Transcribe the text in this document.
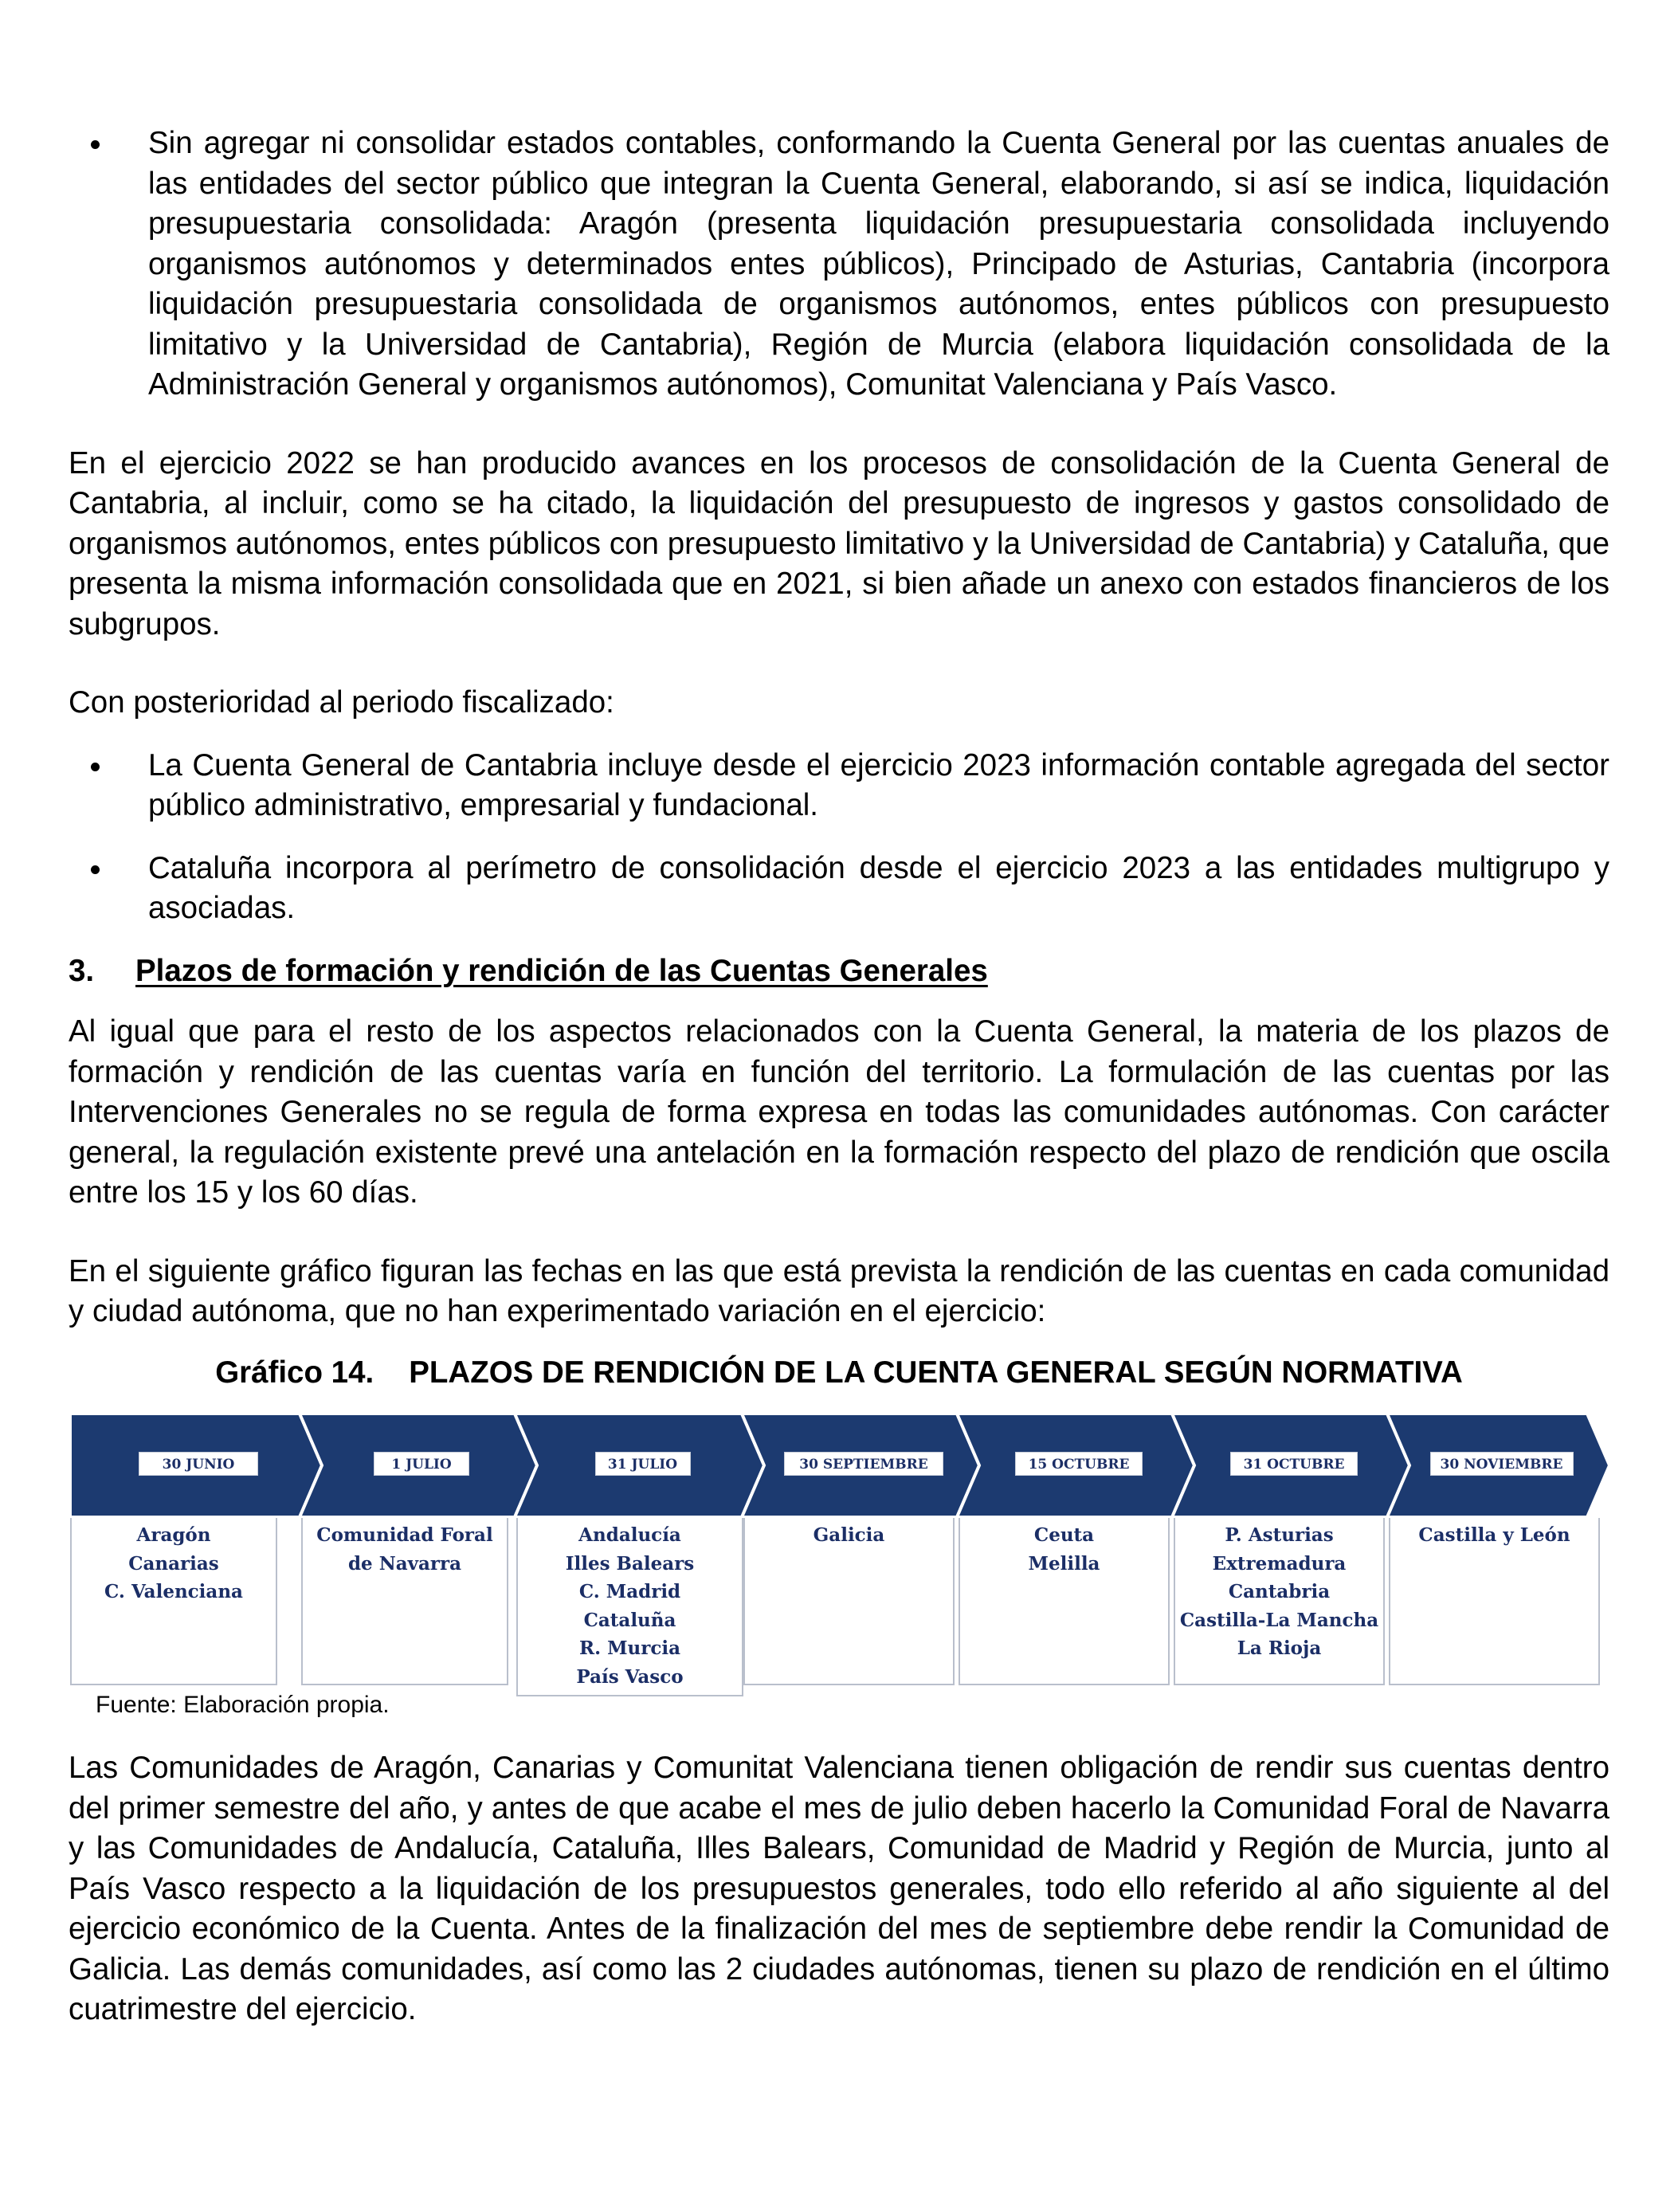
Sin agregar ni consolidar estados contables, conformando la Cuenta General por las cuentas anuales de las entidades del sector público que integran la Cuenta General, elaborando, si así se indica, liquidación presupuestaria consolidada: Aragón (presenta liquidación presupuestaria consolidada incluyendo organismos autónomos y determinados entes públicos), Principado de Asturias, Cantabria (incorpora liquidación presupuestaria consolidada de organismos autónomos, entes públicos con presupuesto limitativo y la Universidad de Cantabria), Región de Murcia (elabora liquidación consolidada de la Administración General y organismos autónomos), Comunitat Valenciana y País Vasco.

En el ejercicio 2022 se han producido avances en los procesos de consolidación de la Cuenta General de Cantabria, al incluir, como se ha citado, la liquidación del presupuesto de ingresos y gastos consolidado de organismos autónomos, entes públicos con presupuesto limitativo y la Universidad de Cantabria) y Cataluña, que presenta la misma información consolidada que en 2021, si bien añade un anexo con estados financieros de los subgrupos.

Con posterioridad al periodo fiscalizado:

La Cuenta General de Cantabria incluye desde el ejercicio 2023 información contable agregada del sector público administrativo, empresarial y fundacional.

Cataluña incorpora al perímetro de consolidación desde el ejercicio 2023 a las entidades multigrupo y asociadas.

3. Plazos de formación y rendición de las Cuentas Generales

Al igual que para el resto de los aspectos relacionados con la Cuenta General, la materia de los plazos de formación y rendición de las cuentas varía en función del territorio. La formulación de las cuentas por las Intervenciones Generales no se regula de forma expresa en todas las comunidades autónomas. Con carácter general, la regulación existente prevé una antelación en la formación respecto del plazo de rendición que oscila entre los 15 y los 60 días.

En el siguiente gráfico figuran las fechas en las que está prevista la rendición de las cuentas en cada comunidad y ciudad autónoma, que no han experimentado variación en el ejercicio:

Gráfico 14. PLAZOS DE RENDICIÓN DE LA CUENTA GENERAL SEGÚN NORMATIVA
30 JUNIO
Aragón
Canarias
C. Valenciana
1 JULIO
Comunidad Foral
de Navarra
31 JULIO
Andalucía
Illes Balears
C. Madrid
Cataluña
R. Murcia
País Vasco
30 SEPTIEMBRE
Galicia
15 OCTUBRE
Ceuta
Melilla
31 OCTUBRE
P. Asturias
Extremadura
Cantabria
Castilla-La Mancha
La Rioja
30 NOVIEMBRE
Castilla y León

Fuente: Elaboración propia.

Las Comunidades de Aragón, Canarias y Comunitat Valenciana tienen obligación de rendir sus cuentas dentro del primer semestre del año, y antes de que acabe el mes de julio deben hacerlo la Comunidad Foral de Navarra y las Comunidades de Andalucía, Cataluña, Illes Balears, Comunidad de Madrid y Región de Murcia, junto al País Vasco respecto a la liquidación de los presupuestos generales, todo ello referido al año siguiente al del ejercicio económico de la Cuenta. Antes de la finalización del mes de septiembre debe rendir la Comunidad de Galicia. Las demás comunidades, así como las 2 ciudades autónomas, tienen su plazo de rendición en el último cuatrimestre del ejercicio.
